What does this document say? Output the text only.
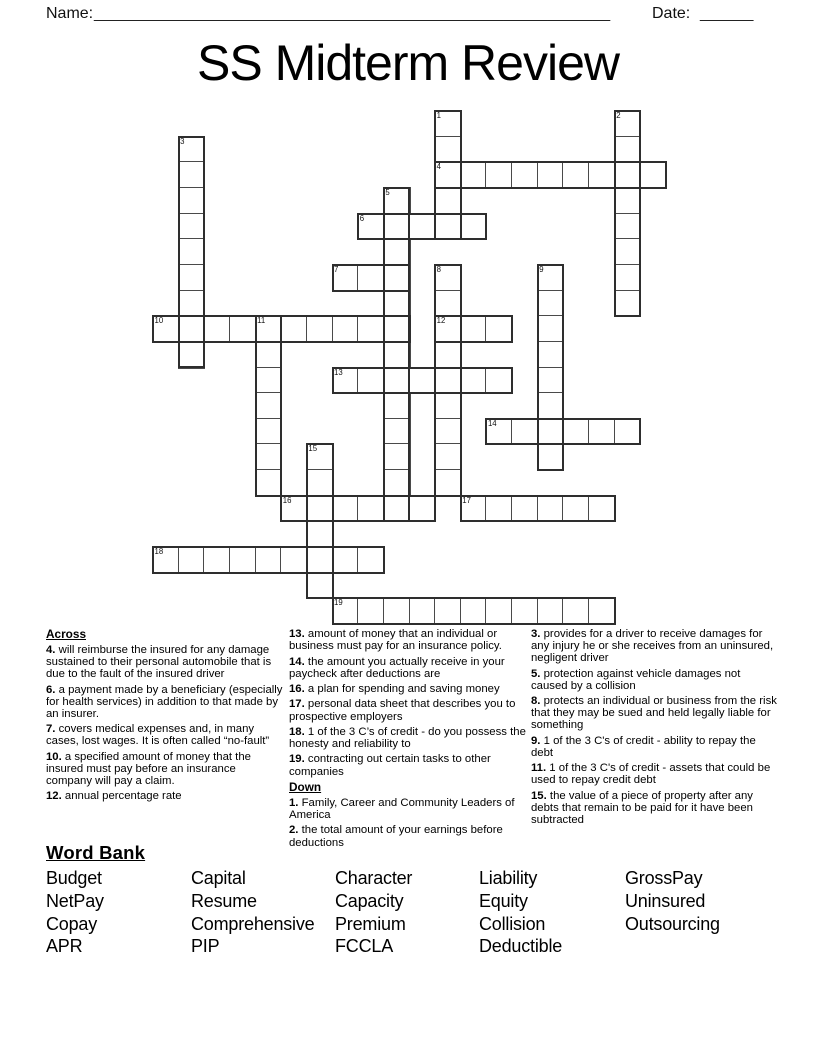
Name: __________________________________________________________	Date: ______
SS Midterm Review
1	2
3
4
5
6
7	8	9
10	11	12
13
14
15
16	17
18
19
Across

4. will reimburse the insured for any damage sustained to their personal automobile that is due to the fault of the insured driver

6. a payment made by a beneficiary (especially for health services) in addition to that made by an insurer.

7. covers medical expenses and, in many cases, lost wages. It is often called “no-fault”

10. a specified amount of money that the insured must pay before an insurance company will pay a claim.

12. annual percentage rate

13. amount of money that an individual or business must pay for an insurance policy.

14. the amount you actually receive in your paycheck after deductions are

16. a plan for spending and saving money

17. personal data sheet that describes you to prospective employers

18. 1 of the 3 C’s of credit - do you possess the honesty and reliability to

19. contracting out certain tasks to other companies

Down

1. Family, Career and Community Leaders of America

2. the total amount of your earnings before deductions

3. provides for a driver to receive damages for any injury he or she receives from an uninsured, negligent driver

5. protection against vehicle damages not caused by a collision

8. protects an individual or business from the risk that they may be sued and held legally liable for something

9. 1 of the 3 C's of credit - ability to repay the debt

11. 1 of the 3 C's of credit - assets that could be used to repay credit debt

15. the value of a piece of property after any debts that remain to be paid for it have been subtracted

Word Bank
Budget	Capital	Character	Liability	GrossPay
NetPay	Resume	Capacity	Equity	Uninsured
Copay	Comprehensive	Premium	Collision	Outsourcing
APR	PIP	FCCLA	Deductible
